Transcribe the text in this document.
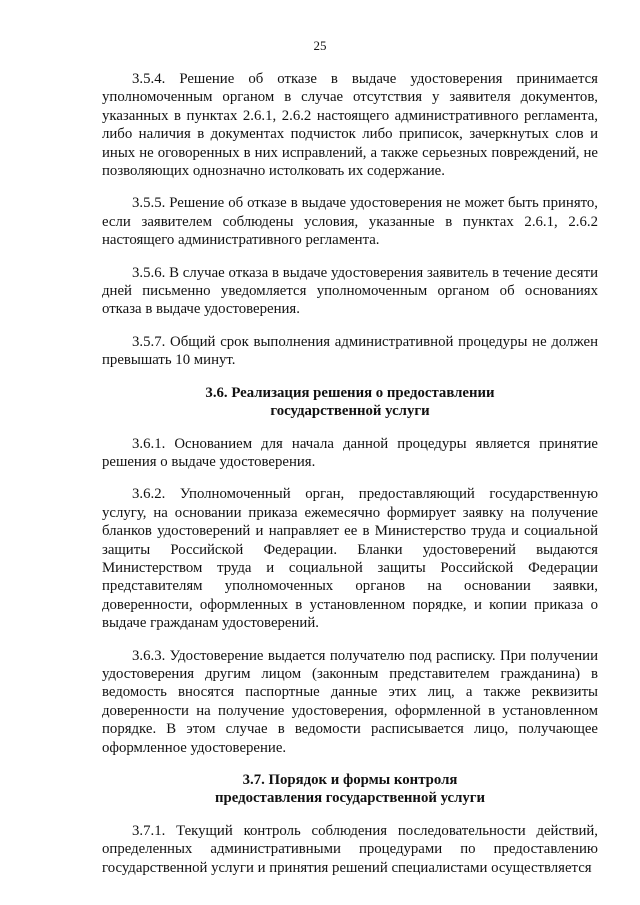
25

3.5.4. Решение об отказе в выдаче удостоверения принимается уполномоченным органом в случае отсутствия у заявителя документов, указанных в пунктах 2.6.1, 2.6.2 настоящего административного регламента, либо наличия в документах подчисток либо приписок, зачеркнутых слов и иных не оговоренных в них исправлений, а также серьезных повреждений, не позволяющих однозначно истолковать их содержание.

3.5.5. Решение об отказе в выдаче удостоверения не может быть принято, если заявителем соблюдены условия, указанные в пунктах 2.6.1, 2.6.2 настоящего административного регламента.

3.5.6. В случае отказа в выдаче удостоверения заявитель в течение десяти дней письменно уведомляется уполномоченным органом об основаниях отказа в выдаче удостоверения.

3.5.7. Общий срок выполнения административной процедуры не должен превышать 10 минут.

3.6. Реализация решения о предоставлении
государственной услуги

3.6.1. Основанием для начала данной процедуры является принятие решения о выдаче удостоверения.

3.6.2. Уполномоченный орган, предоставляющий государственную услугу, на основании приказа ежемесячно формирует заявку на получение бланков удостоверений и направляет ее в Министерство труда и социальной защиты Российской Федерации. Бланки удостоверений выдаются Министерством труда и социальной защиты Российской Федерации представителям уполномоченных органов на основании заявки, доверенности, оформленных в установленном порядке, и копии приказа о выдаче гражданам удостоверений.

3.6.3. Удостоверение выдается получателю под расписку. При получении удостоверения другим лицом (законным представителем гражданина) в ведомость вносятся паспортные данные этих лиц, а также реквизиты доверенности на получение удостоверения, оформленной в установленном порядке. В этом случае в ведомости расписывается лицо, получающее оформленное удостоверение.

3.7. Порядок и формы контроля
предоставления государственной услуги

3.7.1. Текущий контроль соблюдения последовательности действий, определенных административными процедурами по предоставлению государственной услуги и принятия решений специалистами осуществляется
